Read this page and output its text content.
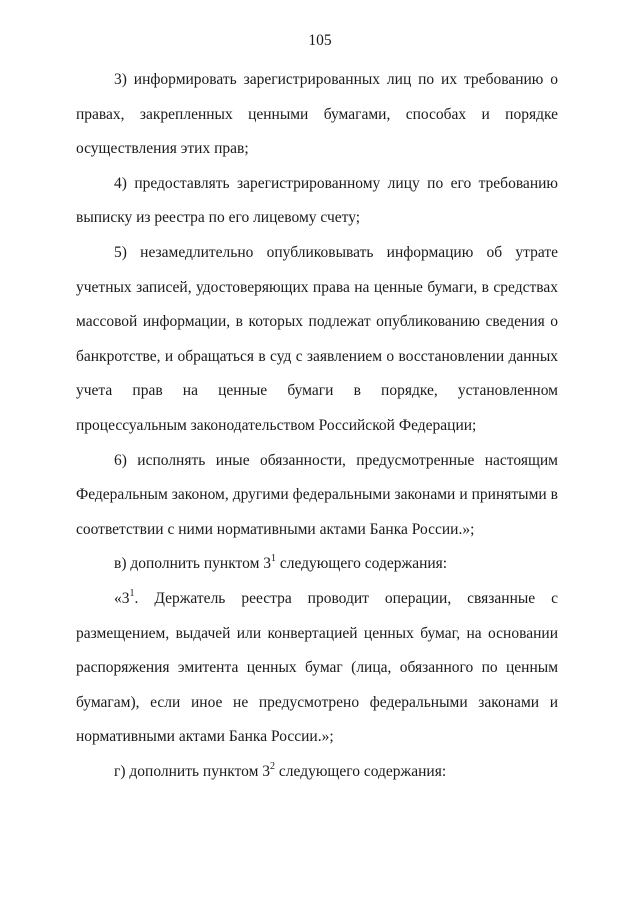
105

3) информировать зарегистрированных лиц по их требованию о правах, закрепленных ценными бумагами, способах и порядке осуществления этих прав;

4) предоставлять зарегистрированному лицу по его требованию выписку из реестра по его лицевому счету;

5) незамедлительно опубликовывать информацию об утрате учетных записей, удостоверяющих права на ценные бумаги, в средствах массовой информации, в которых подлежат опубликованию сведения о банкротстве, и обращаться в суд с заявлением о восстановлении данных учета прав на ценные бумаги в порядке, установленном процессуальным законодательством Российской Федерации;

6) исполнять иные обязанности, предусмотренные настоящим Федеральным законом, другими федеральными законами и принятыми в соответствии с ними нормативными актами Банка России.»;

в) дополнить пунктом $3^1$ следующего содержания:

«$3^1$. Держатель реестра проводит операции, связанные с размещением, выдачей или конвертацией ценных бумаг, на основании распоряжения эмитента ценных бумаг (лица, обязанного по ценным бумагам), если иное не предусмотрено федеральными законами и нормативными актами Банка России.»;

г) дополнить пунктом $3^2$ следующего содержания:
